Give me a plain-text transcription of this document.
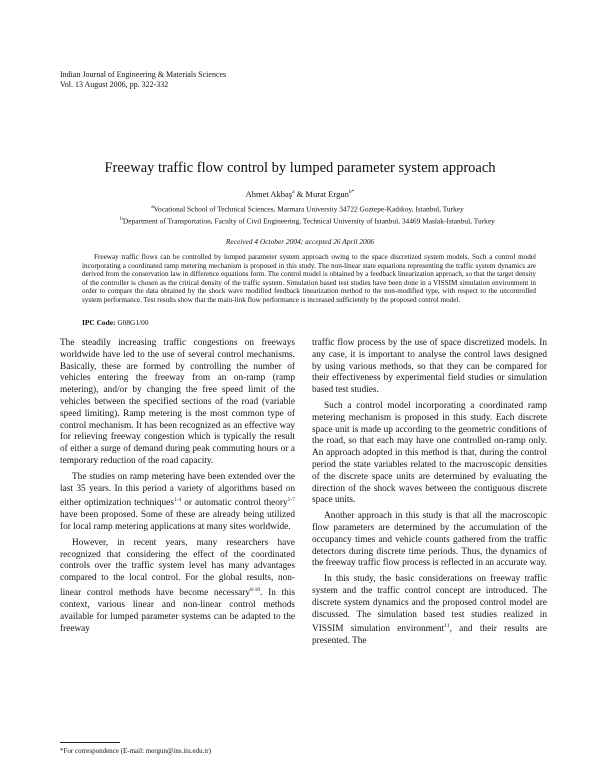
Indian Journal of Engineering & Materials Sciences
Vol. 13 August 2006, pp. 322-332
Freeway traffic flow control by lumped parameter system approach
Ahmet Akbaş$^a$ & Murat Ergun$^{b*}$
$^a$Vocational School of Technical Sciences, Marmara University 34722 Goztepe-Kadıkoy, Istanbul, Turkey
$^b$Department of Transportation, Faculty of Civil Engineering, Technical University of Istanbul, 34469 Maslak-Istanbul, Turkey
Received 4 October 2004; accepted 26 April 2006
Freeway traffic flows can be controlled by lumped parameter system approach owing to the space discretized system models. Such a control model incorporating a coordinated ramp metering mechanism is proposed in this study. The non-linear state equations representing the traffic system dynamics are derived from the conservation law in difference equations form. The control model is obtained by a feedback linearization approach, so that the target density of the controller is chosen as the critical density of the traffic system. Simulation based test studies have been done in a VISSIM simulation environment in order to compare the data obtained by the shock wave modified feedback linearization method to the non-modified type, with respect to the uncontrolled system performance. Test results show that the main-link flow performance is increased sufficiently by the proposed control model.
IPC Code: G08G1/00

The steadily increasing traffic congestions on freeways worldwide have led to the use of several control mechanisms. Basically, these are formed by controlling the number of vehicles entering the freeway from an on-ramp (ramp metering), and/or by changing the free speed limit of the vehicles between the specified sections of the road (variable speed limiting). Ramp metering is the most common type of control mechanism. It has been recognized as an effective way for relieving freeway congestion which is typically the result of either a surge of demand during peak commuting hours or a temporary reduction of the road capacity.

The studies on ramp metering have been extended over the last 35 years. In this period a variety of algorithms based on either optimization techniques$^{1-4}$ or automatic control theory$^{5-7}$ have been proposed. Some of these are already being utilized for local ramp metering applications at many sites worldwide.

However, in recent years, many researchers have recognized that considering the effect of the coordinated controls over the traffic system level has many advantages compared to the local control. For the global results, non-linear control methods have become necessary$^{8-10}$. In this context, various linear and non-linear control methods available for lumped parameter systems can be adapted to the freeway

traffic flow process by the use of space discretized models. In any case, it is important to analyse the control laws designed by using various methods, so that they can be compared for their effectiveness by experimental field studies or simulation based test studies.

Such a control model incorporating a coordinated ramp metering mechanism is proposed in this study. Each discrete space unit is made up according to the geometric conditions of the road, so that each may have one controlled on-ramp only. An approach adopted in this method is that, during the control period the state variables related to the macroscopic densities of the discrete space units are determined by evaluating the direction of the shock waves between the contiguous discrete space units.

Another approach in this study is that all the macroscopic flow parameters are determined by the accumulation of the occupancy times and vehicle counts gathered from the traffic detectors during discrete time periods. Thus, the dynamics of the freeway traffic flow process is reflected in an accurate way.

In this study, the basic considerations on freeway traffic system and the traffic control concept are introduced. The discrete system dynamics and the proposed control model are discussed. The simulation based test studies realized in VISSIM simulation environment$^{11}$, and their results are presented. The

*For correspondence (E-mail: mergun@ins.itu.edu.tr)
